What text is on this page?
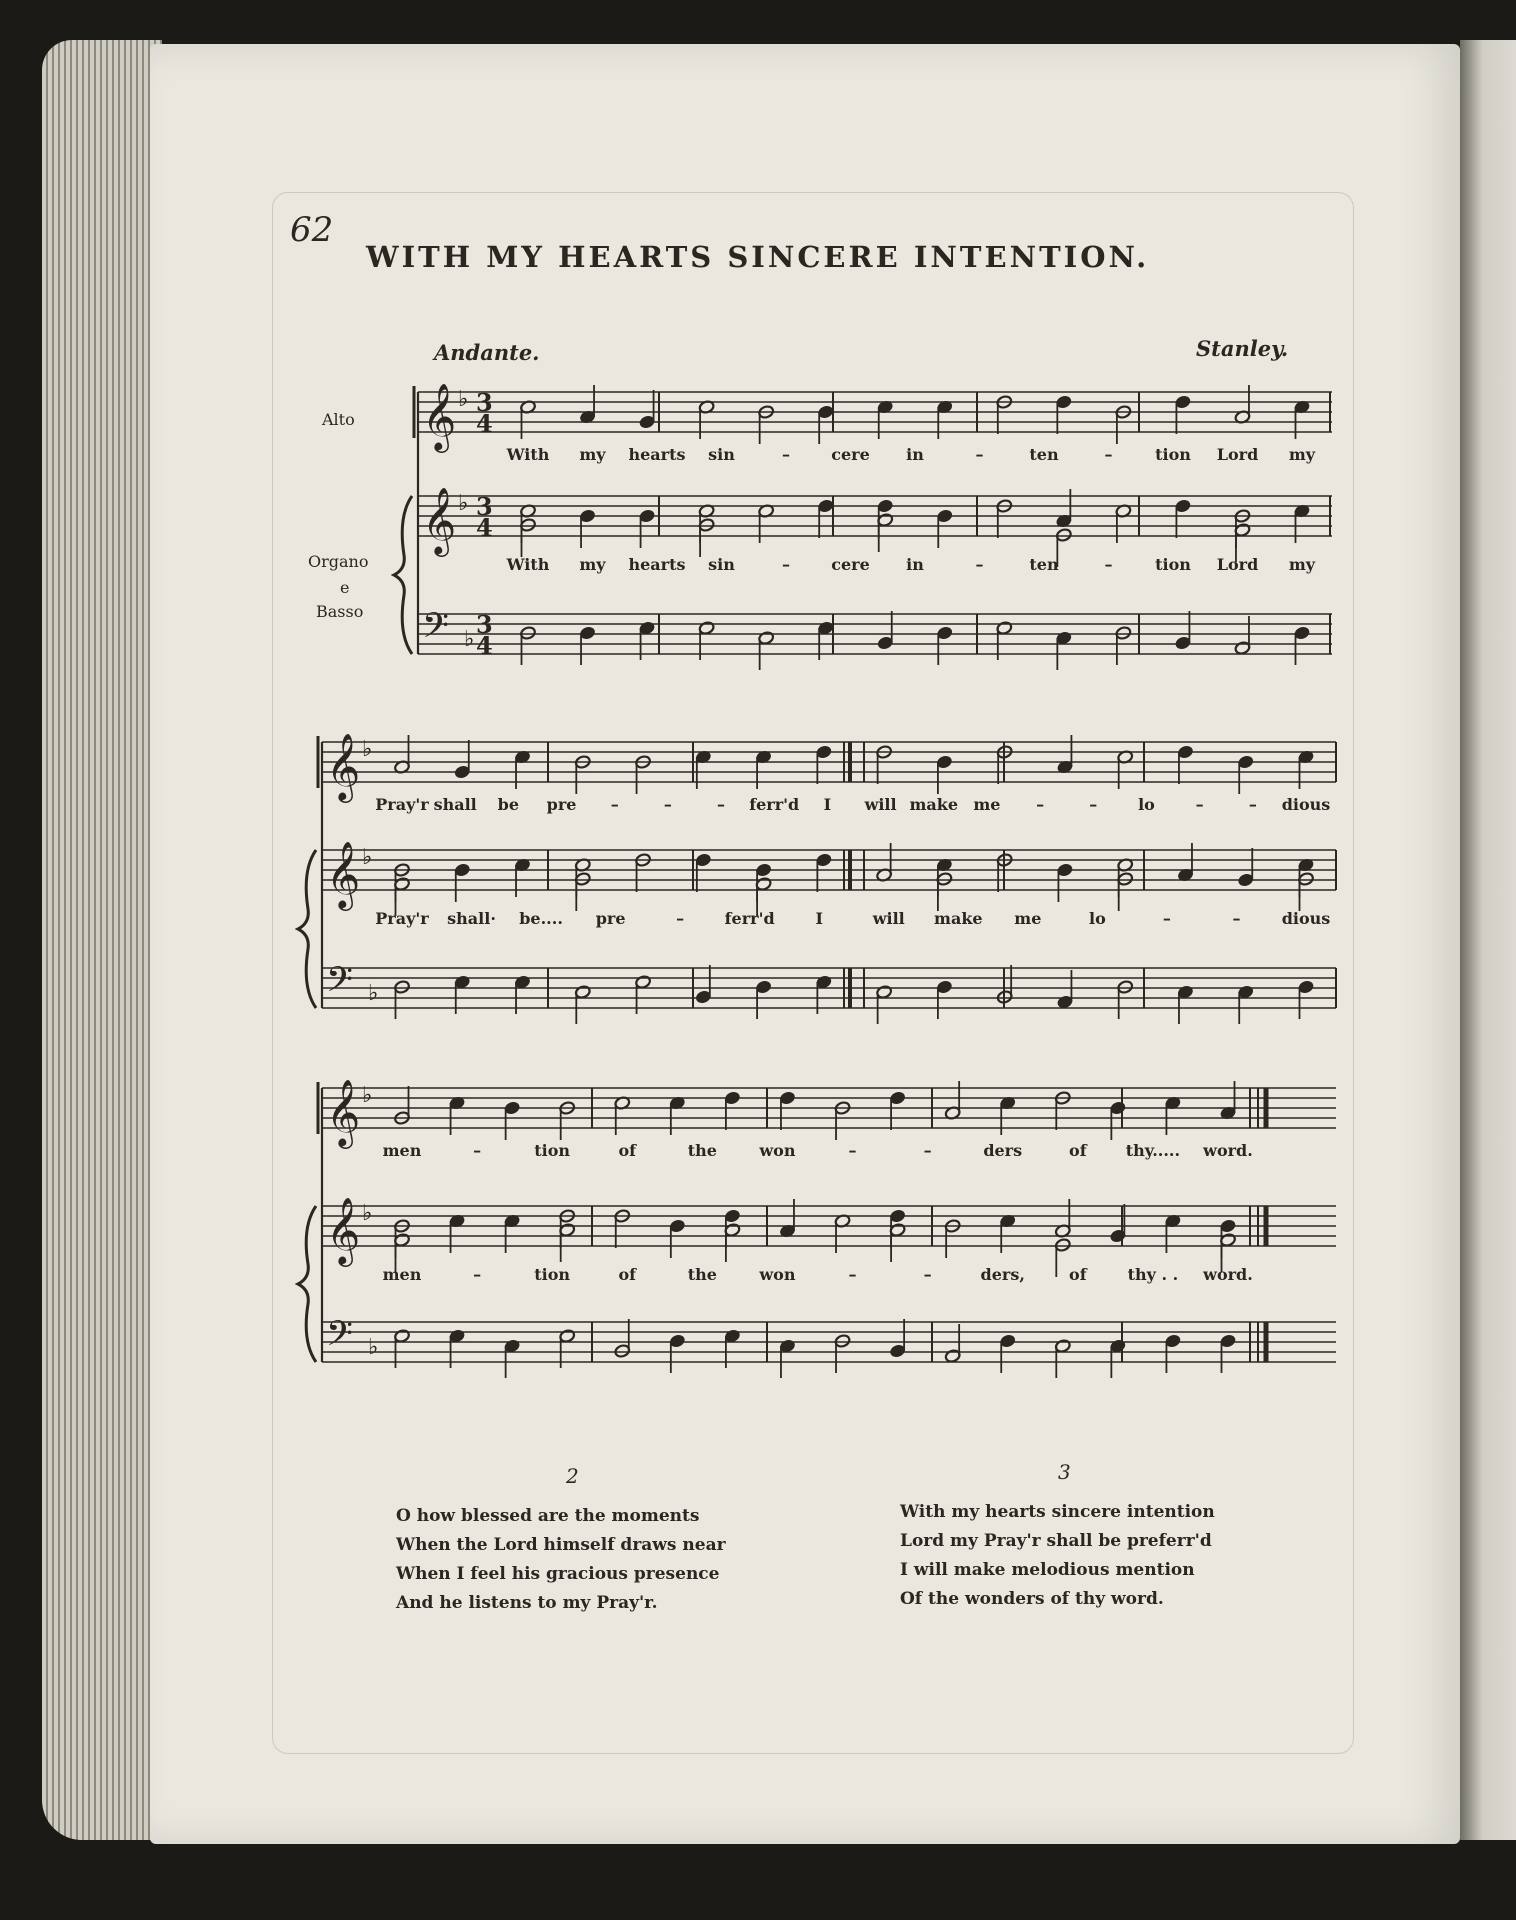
62
WITH MY HEARTS SINCERE INTENTION.
Andante.	Stanley.
Alto
Organo
e
Basso
𝄞 ♭ 3
4
𝄞 ♭ 3
4
𝄢 ♭
3
4
With my hearts sin	–	cere in	–	ten	–	tion Lord my
With my hearts sin	–	cere in	–	ten	–	tion Lord my
𝄞 ♭
𝄞 ♭
𝄢 ♭
Pray'r shall be pre –	–	– ferr'd I will make me –	–	lo	–	– dious
Pray'r shall· be.... pre	–	ferr'd	I	will make me	lo	–	–	dious
𝄞 ♭
𝄞 ♭
𝄢 ♭
men	–	tion	of	the	won	–	–	ders	of thy..... word.
men	–	tion	of	the	won	–	–	ders,	of	thy . . word.
2
O how blessed are the moments
When the Lord himself draws near
When I feel his gracious presence
And he listens to my Pray'r.
3
With my hearts sincere intention
Lord my Pray'r shall be preferr'd
I will make melodious mention
Of the wonders of thy word.
